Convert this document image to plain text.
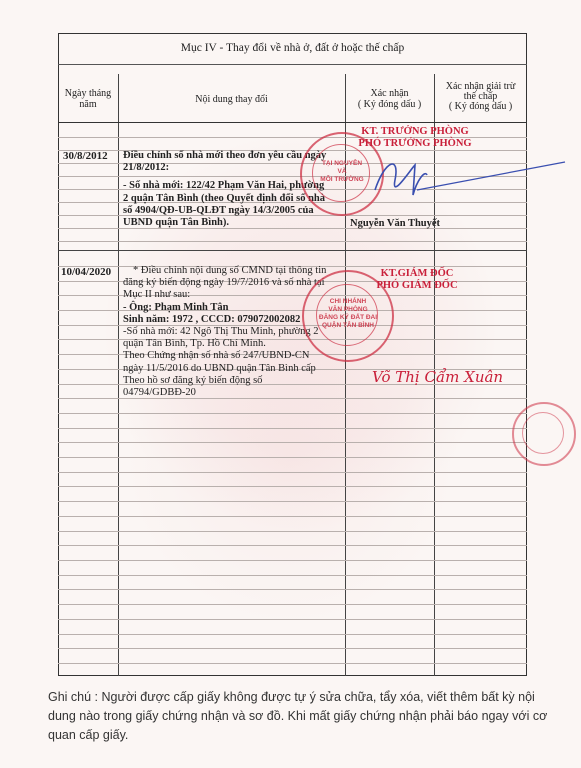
Mục IV - Thay đổi về nhà ở, đất ở hoặc thế chấp
Ngày tháng
năm	Nội dung thay đổi
Xác nhận
( Ký đóng dấu )
Xác nhận giải trừ
thế chấp
( Ký đóng dấu )
30/8/2012 Điều chỉnh số nhà mới theo đơn yêu cầu ngày 21/8/2012:
- Số nhà mới: 122/42 Phạm Văn Hai, phường
2 quận Tân Bình (theo Quyết định đổi số nhà
số 4904/QĐ-UB-QLĐT ngày 14/3/2005 của
UBND quận Tân Bình).
TẠI NGUYÊN
VÀ
MÔI TRƯỜNG
KT. TRƯỞNG PHÒNG
PHÓ TRƯỞNG PHÒNG
Nguyễn Văn Thuyết
10/04/2020	* Điều chỉnh nội dung số CMND tại thông tin
đăng ký biến động ngày 19/7/2016 và số nhà tại
Mục II như sau:
- Ông: Phạm Minh Tân
Sinh năm: 1972 , CCCD: 079072002082
-Số nhà mới: 42 Ngô Thị Thu Minh, phường 2
quận Tân Bình, Tp. Hồ Chí Minh.
Theo Chứng nhận số nhà số 247/UBND-CN
ngày 11/5/2016 do UBND quận Tân Bình cấp
Theo hồ sơ đăng ký biến động số
04794/GDBĐ-20
CHI NHÁNH
VĂN PHÒNG
ĐĂNG KÝ ĐẤT ĐAI
QUẬN TÂN BÌNH
KT.GIÁM ĐỐC
PHÓ GIÁM ĐỐC
Võ Thị Cẩm Xuân
Ghi chú : Người được cấp giấy không được tự ý sửa chữa, tẩy xóa, viết thêm bất kỳ nội dung nào trong giấy chứng nhận và sơ đồ. Khi mất giấy chứng nhận phải báo ngay với cơ quan cấp giấy.
